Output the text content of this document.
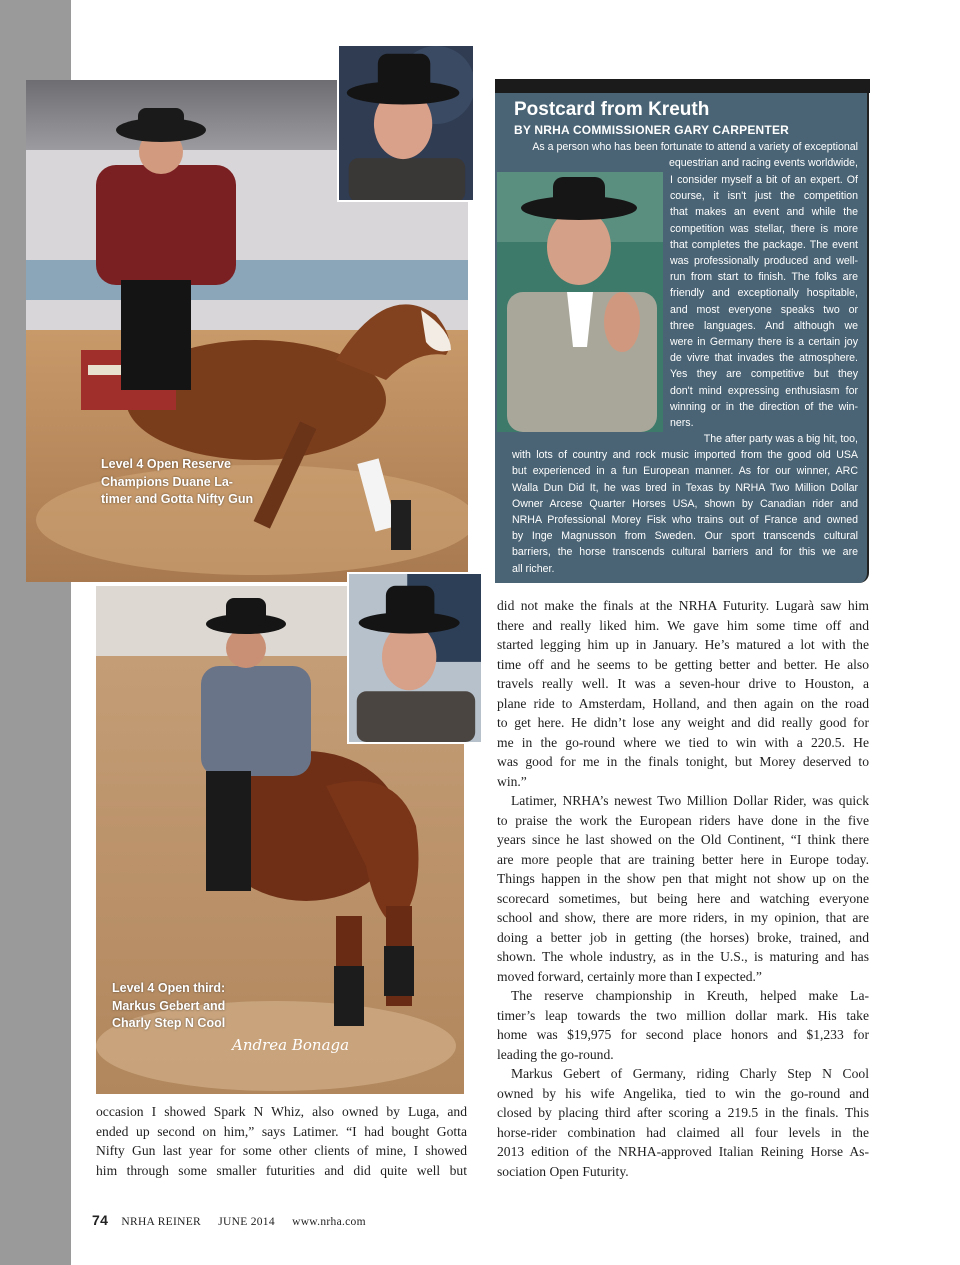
Level 4 Open Reserve
Champions Duane La-
timer and Gotta Nifty Gun
Level 4 Open third:
Markus Gebert and
Charly Step N Cool
Andrea Bonaga
Postcard from Kreuth
BY NRHA COMMISSIONER GARY CARPENTER
As a person who has been fortunate to attend a variety of exceptional
equestrian and racing events worldwide,
I consider myself a bit of an expert. Of
course, it isn't just the competition
that makes an event and while the
competition was stellar, there is more
that completes the package. The event
was professionally produced and well-
run from start to finish. The folks are
friendly and exceptionally hospitable,
and most everyone speaks two or
three languages. And although we
were in Germany there is a certain joy
de vivre that invades the atmosphere.
Yes they are competitive but they
don't mind expressing enthusiasm for
winning or in the direction of the win-
ners.
The after party was a big hit, too,
with lots of country and rock music imported from the good old USA
but experienced in a fun European manner. As for our winner, ARC
Walla Dun Did It, he was bred in Texas by NRHA Two Million Dollar
Owner Arcese Quarter Horses USA, shown by Canadian rider and
NRHA Professional Morey Fisk who trains out of France and owned
by Inge Magnusson from Sweden. Our sport transcends cultural
barriers, the horse transcends cultural barriers and for this we are
all richer.
occasion I showed Spark N Whiz, also owned by Luga, and
ended up second on him,” says Latimer. “I had bought Gotta
Nifty Gun last year for some other clients of mine, I showed
him through some smaller futurities and did quite well but
did not make the finals at the NRHA Futurity. Lugarà saw him
there and really liked him. We gave him some time off and
started legging him up in January. He’s matured a lot with the
time off and he seems to be getting better and better. He also
travels really well. It was a seven-hour drive to Houston, a
plane ride to Amsterdam, Holland, and then again on the road
to get here. He didn’t lose any weight and did really good for
me in the go-round where we tied to win with a 220.5. He
was good for me in the finals tonight, but Morey deserved to
win.”
Latimer, NRHA’s newest Two Million Dollar Rider, was quick
to praise the work the European riders have done in the five
years since he last showed on the Old Continent, “I think there
are more people that are training better here in Europe today.
Things happen in the show pen that might not show up on the
scorecard sometimes, but being here and watching everyone
school and show, there are more riders, in my opinion, that are
doing a better job in getting (the horses) broke, trained, and
shown. The whole industry, as in the U.S., is maturing and has
moved forward, certainly more than I expected.”
The reserve championship in Kreuth, helped make La-
timer’s leap towards the two million dollar mark. His take
home was $19,975 for second place honors and $1,233 for
leading the go-round.
Markus Gebert of Germany, riding Charly Step N Cool
owned by his wife Angelika, tied to win the go-round and
closed by placing third after scoring a 219.5 in the finals. This
horse-rider combination had claimed all four levels in the
2013 edition of the NRHA-approved Italian Reining Horse As-
sociation Open Futurity.
74 NRHA REINER JUNE 2014 www.nrha.com
